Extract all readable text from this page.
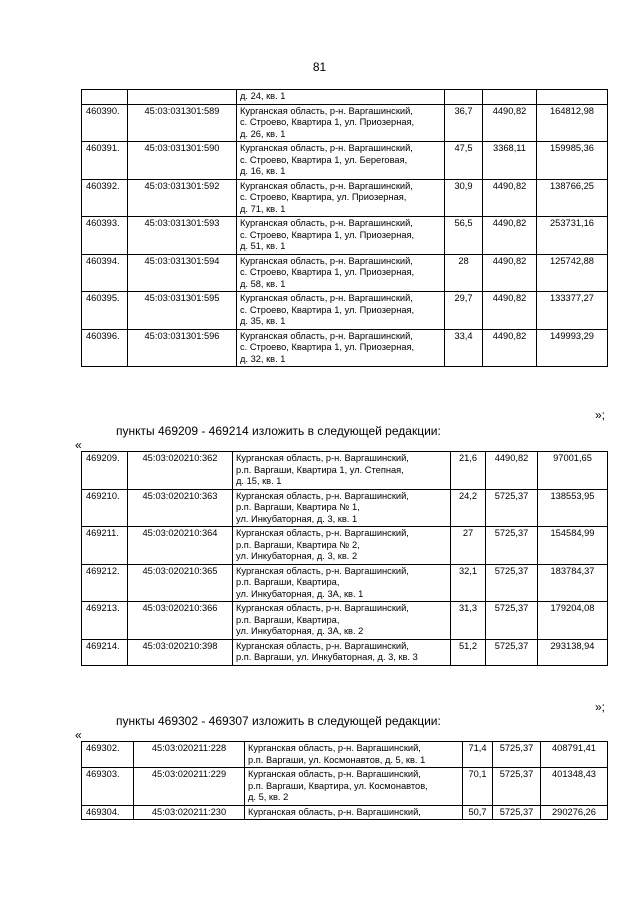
81

		д. 24, кв. 1			

460390.	45:03:031301:589	Курганская область, р-н. Варгашинский,
с. Строево, Квартира 1, ул. Приозерная,
д. 26, кв. 1	36,7	4490,82	164812,98
460391.	45:03:031301:590	Курганская область, р-н. Варгашинский,
с. Строево, Квартира 1, ул. Береговая,
д. 16, кв. 1	47,5	3368,11	159985,36
460392.	45:03:031301:592	Курганская область, р-н. Варгашинский,
с. Строево, Квартира, ул. Приозерная,
д. 71, кв. 1	30,9	4490,82	138766,25
460393.	45:03:031301:593	Курганская область, р-н. Варгашинский,
с. Строево, Квартира 1, ул. Приозерная,
д. 51, кв. 1	56,5	4490,82	253731,16
460394.	45:03:031301:594	Курганская область, р-н. Варгашинский,
с. Строево, Квартира 1, ул. Приозерная,
д. 58, кв. 1	28	4490,82	125742,88
460395.	45:03:031301:595	Курганская область, р-н. Варгашинский,
с. Строево, Квартира 1, ул. Приозерная,
д. 35, кв. 1	29,7	4490,82	133377,27
460396.	45:03:031301:596	Курганская область, р-н. Варгашинский,
с. Строево, Квартира 1, ул. Приозерная,
д. 32, кв. 1	33,4	4490,82	149993,29
»;
пункты 469209 - 469214 изложить в следующей редакции:
«
469209.	45:03:020210:362	Курганская область, р-н. Варгашинский,
р.п. Варгаши, Квартира 1, ул. Степная,
д. 15, кв. 1	21,6	4490,82	97001,65
469210.	45:03:020210:363	Курганская область, р-н. Варгашинский,
р.п. Варгаши, Квартира № 1,
ул. Инкубаторная, д. 3, кв. 1	24,2	5725,37	138553,95
469211.	45:03:020210:364	Курганская область, р-н. Варгашинский,
р.п. Варгаши, Квартира № 2,
ул. Инкубаторная, д. 3, кв. 2	27	5725,37	154584,99
469212.	45:03:020210:365	Курганская область, р-н. Варгашинский,
р.п. Варгаши, Квартира,
ул. Инкубаторная, д. 3А, кв. 1	32,1	5725,37	183784,37
469213.	45:03:020210:366	Курганская область, р-н. Варгашинский,
р.п. Варгаши, Квартира,
ул. Инкубаторная, д. 3А, кв. 2	31,3	5725,37	179204,08
469214.	45:03:020210:398	Курганская область, р-н. Варгашинский,
р.п. Варгаши, ул. Инкубаторная, д. 3, кв. 3	51,2	5725,37	293138,94
»;
пункты 469302 - 469307 изложить в следующей редакции:
«
469302.	45:03:020211:228	Курганская область, р-н. Варгашинский,
р.п. Варгаши, ул. Космонавтов, д. 5, кв. 1	71,4	5725,37	408791,41
469303.	45:03:020211:229	Курганская область, р-н. Варгашинский,
р.п. Варгаши, Квартира, ул. Космонавтов,
д. 5, кв. 2	70,1	5725,37	401348,43
469304.	45:03:020211:230	Курганская область, р-н. Варгашинский,	50,7	5725,37	290276,26
